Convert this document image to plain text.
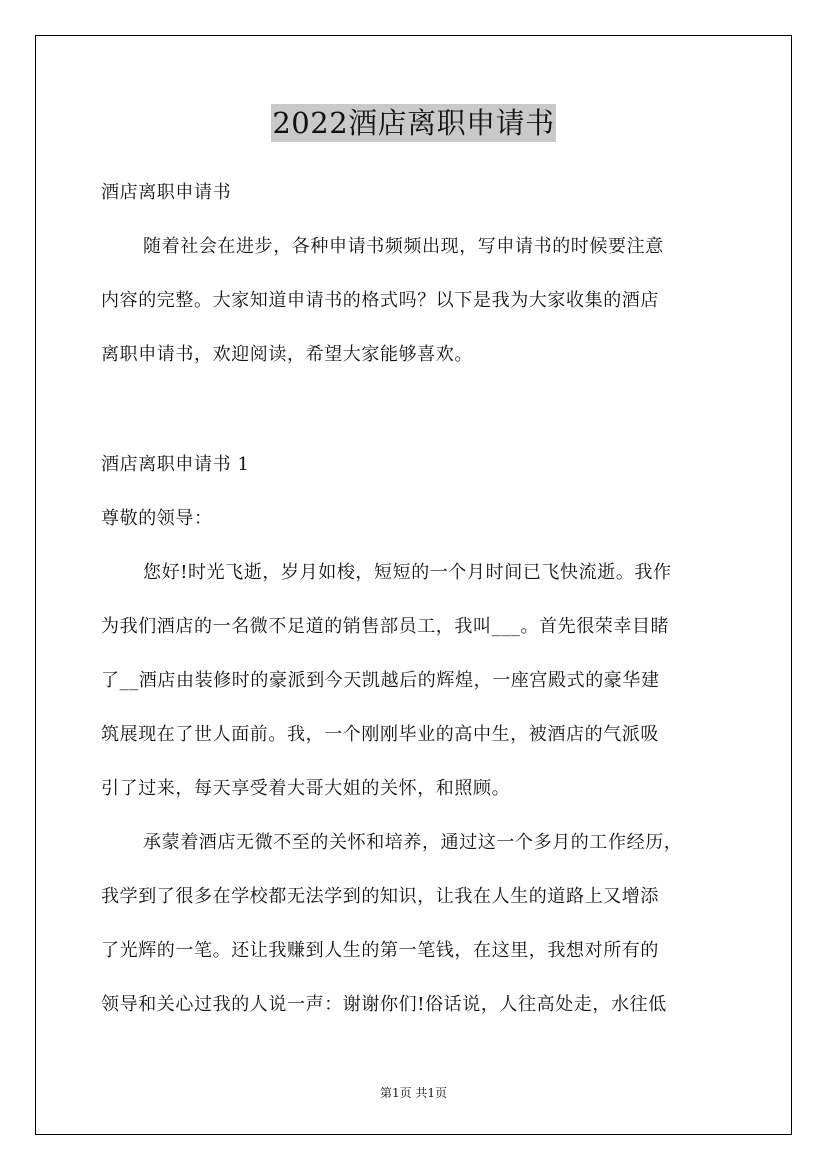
2022酒店离职申请书

酒店离职申请书

随着社会在进步，各种申请书频频出现，写申请书的时候要注意

内容的完整。大家知道申请书的格式吗？以下是我为大家收集的酒店

离职申请书，欢迎阅读，希望大家能够喜欢。

酒店离职申请书 1

尊敬的领导：

您好!时光飞逝，岁月如梭，短短的一个月时间已飞快流逝。我作

为我们酒店的一名微不足道的销售部员工，我叫___。首先很荣幸目睹

了__酒店由装修时的豪派到今天凯越后的辉煌，一座宫殿式的豪华建

筑展现在了世人面前。我，一个刚刚毕业的高中生，被酒店的气派吸

引了过来，每天享受着大哥大姐的关怀，和照顾。

承蒙着酒店无微不至的关怀和培养，通过这一个多月的工作经历，

我学到了很多在学校都无法学到的知识，让我在人生的道路上又增添

了光辉的一笔。还让我赚到人生的第一笔钱，在这里，我想对所有的

领导和关心过我的人说一声：谢谢你们!俗话说，人往高处走，水往低

第1页 共1页
